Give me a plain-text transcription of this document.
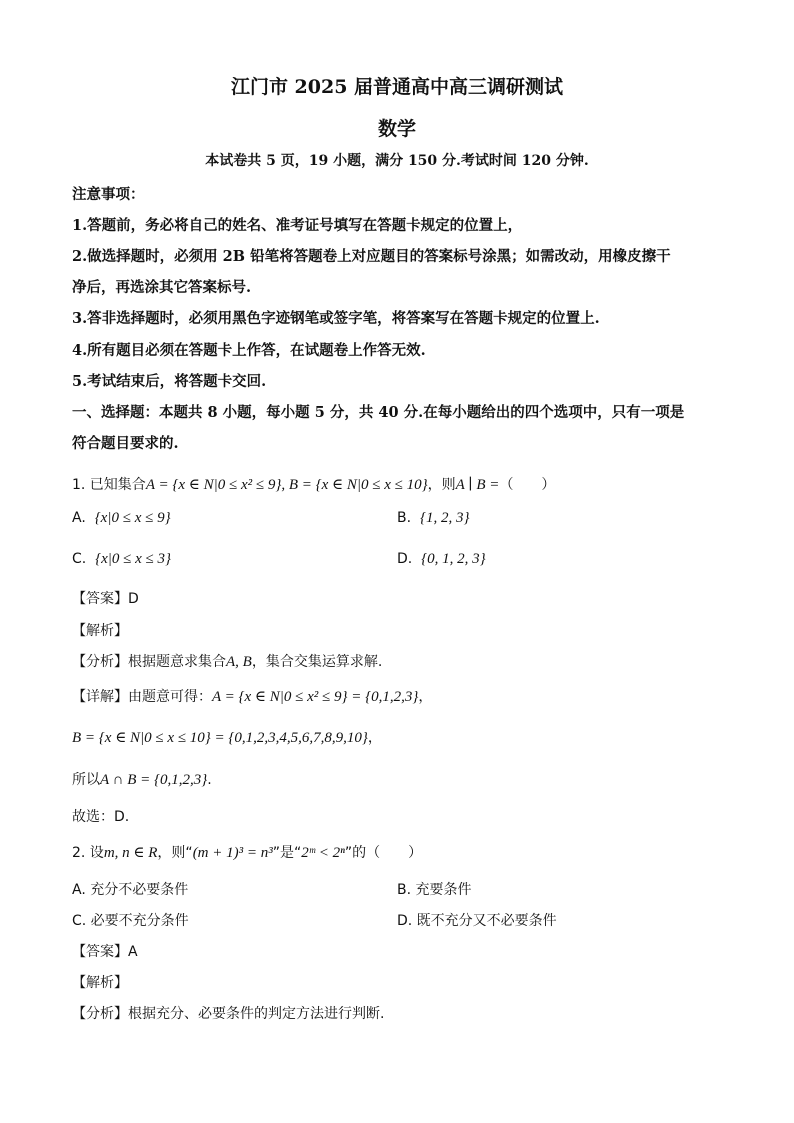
江门市 2025 届普通高中高三调研测试
数学
本试卷共 5 页，19 小题，满分 150 分.考试时间 120 分钟.
注意事项：
1.答题前，务必将自己的姓名、准考证号填写在答题卡规定的位置上，
2.做选择题时，必须用 2B 铅笔将答题卷上对应题目的答案标号涂黑；如需改动，用橡皮擦干
净后，再选涂其它答案标号.
3.答非选择题时，必须用黑色字迹钢笔或签字笔，将答案写在答题卡规定的位置上.
4.所有题目必须在答题卡上作答，在试题卷上作答无效.
5.考试结束后，将答题卡交回.
一、选择题：本题共 8 小题，每小题 5 分，共 40 分.在每小题给出的四个选项中，只有一项是
符合题目要求的.
1. 已知集合A = {x ∈ N|0 ≤ x² ≤ 9}, B = {x ∈ N|0 ≤ x ≤ 10}，则A ∣ B =（　　）
A. {x|0 ≤ x ≤ 9}	B. {1, 2, 3}
C. {x|0 ≤ x ≤ 3}	D. {0, 1, 2, 3}
【答案】D
【解析】
【分析】根据题意求集合A, B，集合交集运算求解.
【详解】由题意可得：A = {x ∈ N|0 ≤ x² ≤ 9} = {0,1,2,3}，
B = {x ∈ N|0 ≤ x ≤ 10} = {0,1,2,3,4,5,6,7,8,9,10}，
所以A ∩ B = {0,1,2,3}.
故选：D.
2. 设m, n ∈ R，则“(m + 1)³ = n³”是“2ᵐ < 2ⁿ”的（　　）
A. 充分不必要条件	B. 充要条件
C. 必要不充分条件	D. 既不充分又不必要条件
【答案】A
【解析】
【分析】根据充分、必要条件的判定方法进行判断.
